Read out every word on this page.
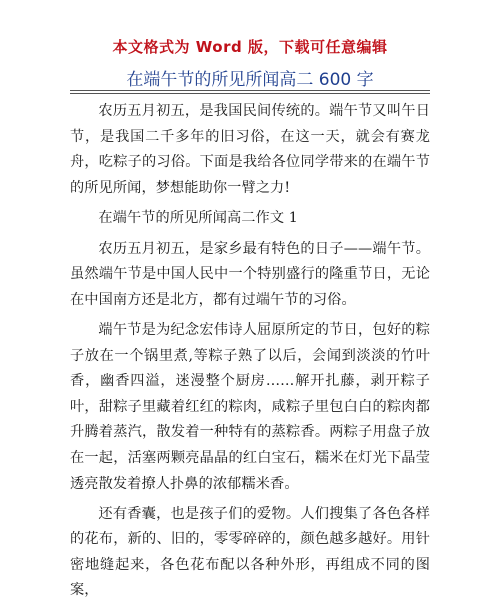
本文格式为 Word 版，下载可任意编辑
在端午节的所见所闻高二 600 字

农历五月初五，是我国民间传统的。端午节又叫午日节，是我国二千多年的旧习俗，在这一天，就会有赛龙舟，吃粽子的习俗。下面是我给各位同学带来的在端午节的所见所闻，梦想能助你一臂之力!

在端午节的所见所闻高二作文 1

农历五月初五，是家乡最有特色的日子——端午节。虽然端午节是中国人民中一个特别盛行的隆重节日，无论在中国南方还是北方，都有过端午节的习俗。

端午节是为纪念宏伟诗人屈原所定的节日，包好的粽子放在一个锅里煮,等粽子熟了以后，会闻到淡淡的竹叶香，幽香四溢，迷漫整个厨房……解开扎藤，剥开粽子叶，甜粽子里藏着红红的粽肉，咸粽子里包白白的粽肉都升腾着蒸汽，散发着一种特有的蒸粽香。两粽子用盘子放在一起，活塞两颗亮晶晶的红白宝石，糯米在灯光下晶莹透亮散发着撩人扑鼻的浓郁糯米香。

还有香囊，也是孩子们的爱物。人们搜集了各色各样的花布，新的、旧的，零零碎碎的，颜色越多越好。用针密地缝起来，各色花布配以各种外形，再组成不同的图案，
